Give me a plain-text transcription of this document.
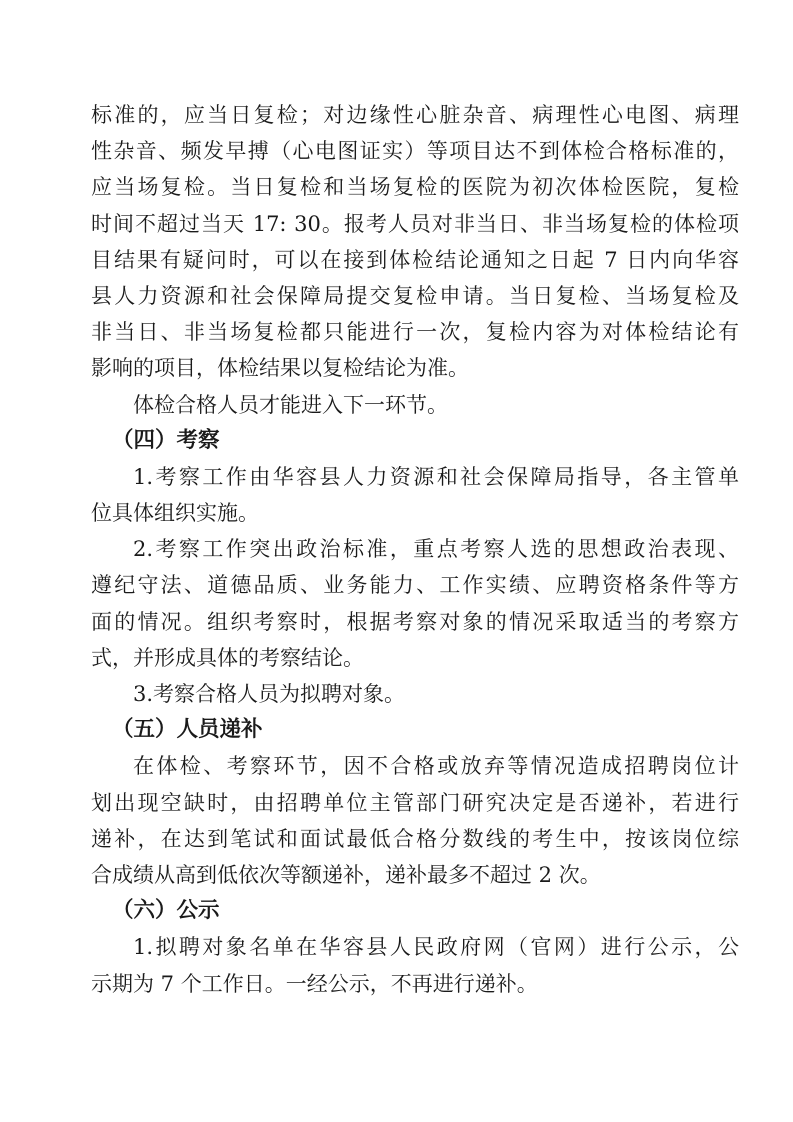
标准的，应当日复检；对边缘性心脏杂音、病理性心电图、病理
性杂音、频发早搏（心电图证实）等项目达不到体检合格标准的，
应当场复检。当日复检和当场复检的医院为初次体检医院，复检
时间不超过当天 17: 30。报考人员对非当日、非当场复检的体检项
目结果有疑问时，可以在接到体检结论通知之日起 7 日内向华容
县人力资源和社会保障局提交复检申请。当日复检、当场复检及
非当日、非当场复检都只能进行一次，复检内容为对体检结论有
影响的项目，体检结果以复检结论为准。
体检合格人员才能进入下一环节。
（四）考察
1.考察工作由华容县人力资源和社会保障局指导，各主管单
位具体组织实施。
2.考察工作突出政治标准，重点考察人选的思想政治表现、
遵纪守法、道德品质、业务能力、工作实绩、应聘资格条件等方
面的情况。组织考察时，根据考察对象的情况采取适当的考察方
式，并形成具体的考察结论。
3.考察合格人员为拟聘对象。
（五）人员递补
在体检、考察环节，因不合格或放弃等情况造成招聘岗位计
划出现空缺时，由招聘单位主管部门研究决定是否递补，若进行
递补，在达到笔试和面试最低合格分数线的考生中，按该岗位综
合成绩从高到低依次等额递补，递补最多不超过 2 次。
（六）公示
1.拟聘对象名单在华容县人民政府网（官网）进行公示，公
示期为 7 个工作日。一经公示，不再进行递补。
